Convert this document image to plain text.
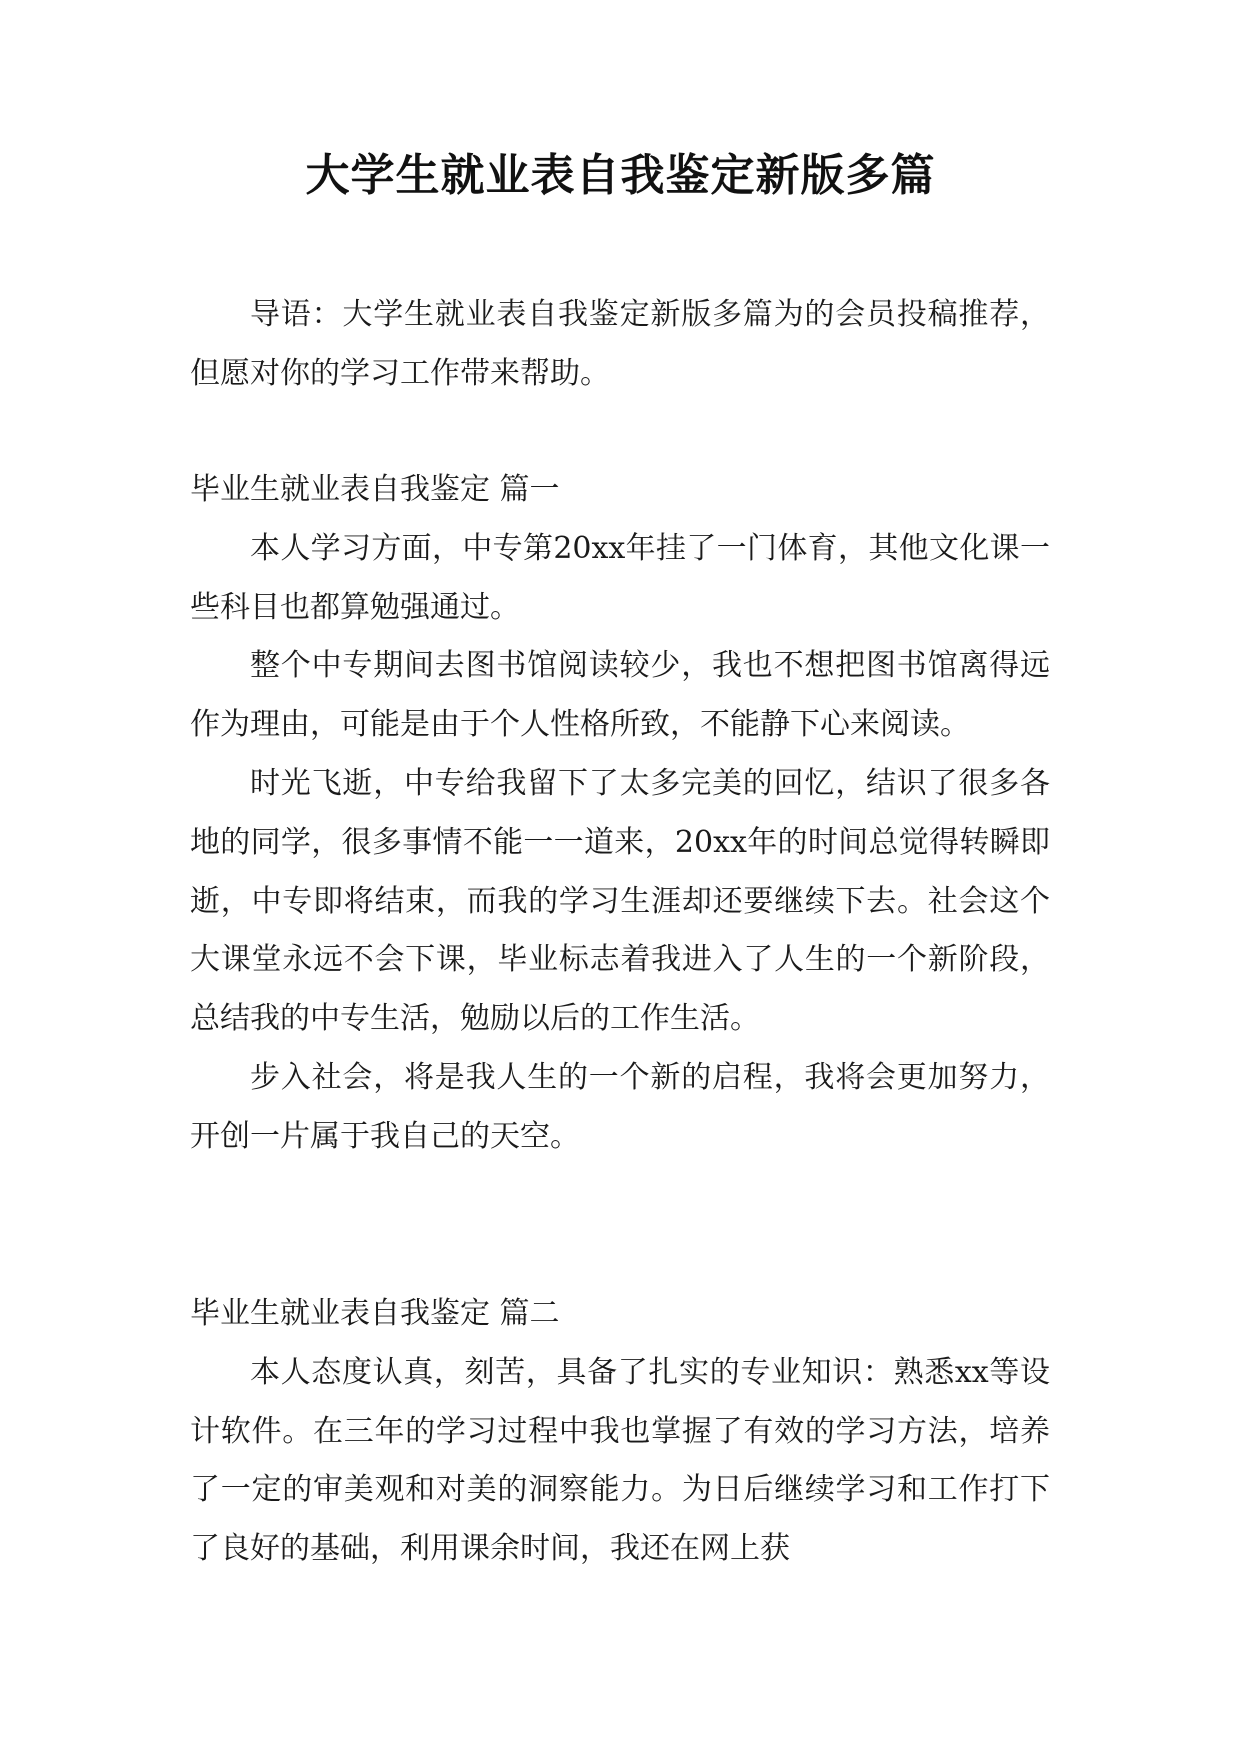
大学生就业表自我鉴定新版多篇

导语：大学生就业表自我鉴定新版多篇为的会员投稿推荐，但愿对你的学习工作带来帮助。

毕业生就业表自我鉴定 篇一

本人学习方面，中专第20xx年挂了一门体育，其他文化课一些科目也都算勉强通过。

整个中专期间去图书馆阅读较少，我也不想把图书馆离得远作为理由，可能是由于个人性格所致，不能静下心来阅读。

时光飞逝，中专给我留下了太多完美的回忆，结识了很多各地的同学，很多事情不能一一道来，20xx年的时间总觉得转瞬即逝，中专即将结束，而我的学习生涯却还要继续下去。社会这个大课堂永远不会下课，毕业标志着我进入了人生的一个新阶段，总结我的中专生活，勉励以后的工作生活。

步入社会，将是我人生的一个新的启程，我将会更加努力，开创一片属于我自己的天空。

毕业生就业表自我鉴定 篇二

本人态度认真，刻苦，具备了扎实的专业知识：熟悉xx等设计软件。在三年的学习过程中我也掌握了有效的学习方法，培养了一定的审美观和对美的洞察能力。为日后继续学习和工作打下了良好的基础，利用课余时间，我还在网上获
